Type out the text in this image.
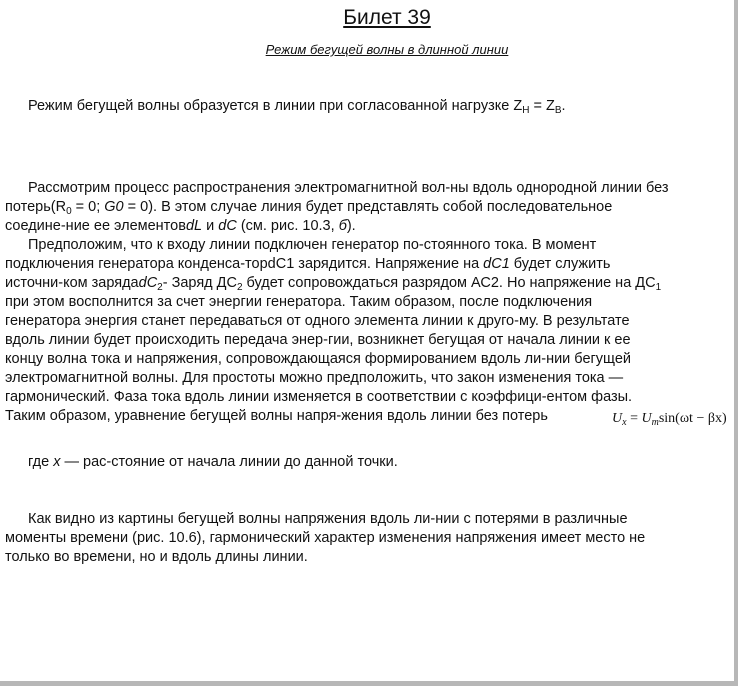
Билет 39
Режим бегущей волны в длинной линии
Режим бегущей волны образуется в линии при согласованной нагрузке $Z_Н = Z_B$.
Рассмотрим процесс распространения электромагнитной вол-ны вдоль однородной линии без
$потерь(R_0 = 0$; G0 = 0). В этом случае линия будет представлять собой последовательное
соедине-ние ее элементовdL и dC (см. рис. 10.3, б).
Предположим, что к входу линии подключен генератор по-стоянного тока. В момент
подключения генератора конденса-торdC1 зарядится. Напряжение на dC1 будет служить
источни-ком зарядаdC$_2$- Заряд $ДС_2$ будет сопровождаться разрядом АС2. Но напряжение на $ДС_1$
при этом восполнится за счет энергии генератора. Таким образом, после подключения
генератора энергия станет передаваться от одного элемента линии к друго-му. В результате
вдоль линии будет происходить передача энер-гии, возникнет бегущая от начала линии к ее
концу волна тока и напряжения, сопровождающаяся формированием вдоль ли-нии бегущей
электромагнитной волны. Для простоты можно предположить, что закон изменения тока —
гармонический. Фаза тока вдоль линии изменяется в соответствии с коэффици-ентом фазы.
Таким образом, уравнение бегущей волны напря-жения вдоль линии без потерь	$U_x = U_m\sin(\omega t - \beta x)$
где х — рас-стояние от начала линии до данной точки.
Как видно из картины бегущей волны напряжения вдоль ли-нии с потерями в различные
моменты времени (рис. 10.6), гармонический характер изменения напряжения имеет место не
только во времени, но и вдоль длины линии.
